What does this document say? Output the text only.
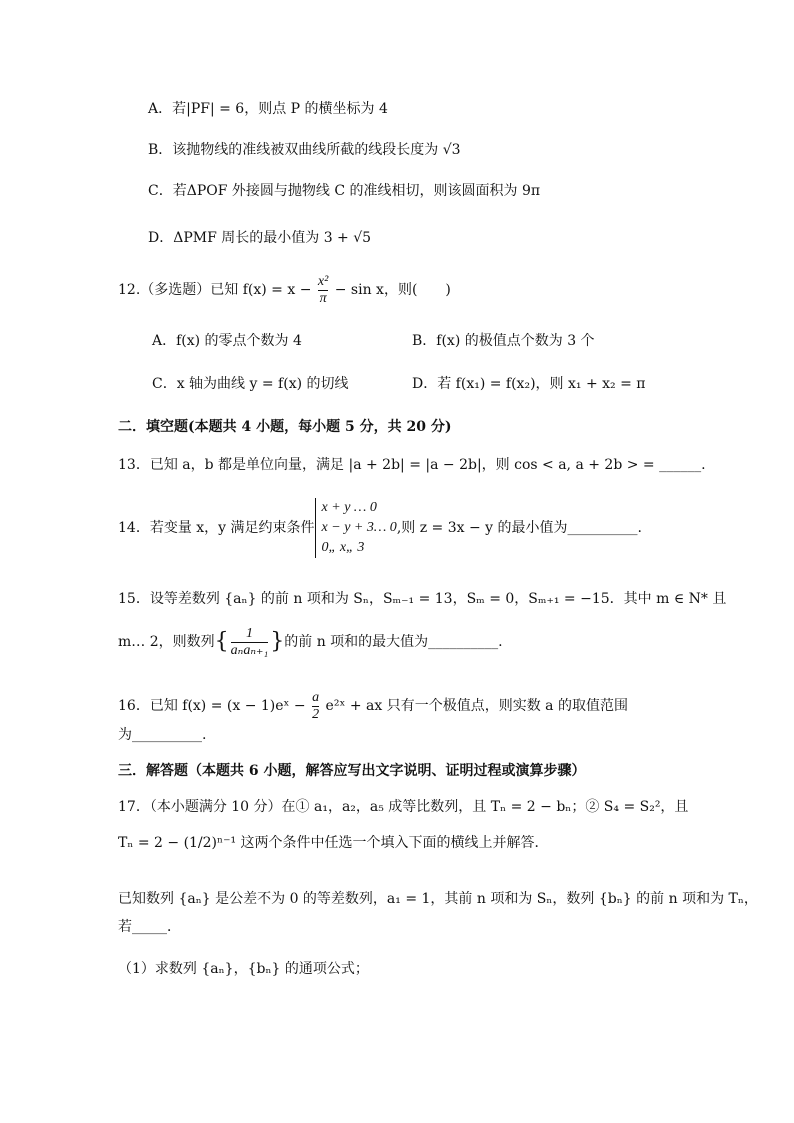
A．若|PF| = 6，则点 P 的横坐标为 4
B．该抛物线的准线被双曲线所截的线段长度为 √3
C．若ΔPOF 外接圆与抛物线 C 的准线相切，则该圆面积为 9π
D．ΔPMF 周长的最小值为 3 + √5
12.（多选题）已知 $f(x) = x - \frac{\text{x²}}{\pi} - \sin x$，则(　　)
A．f(x) 的零点个数为 4	B．f(x) 的极值点个数为 3 个
C．x 轴为曲线 y = f(x) 的切线	D．若 f(x₁) = f(x₂)，则 x₁ + x₂ = π
二．填空题(本题共 4 小题，每小题 5 分，共 20 分)
13．已知 a，b 都是单位向量，满足 |a + 2b| = |a − 2b|，则 cos < a, a + 2b > = ______.
14．若变量 x，y 满足约束条件x + y … 0
x − y + 3… 0
0„ x„ 3,则 z = 3x − y 的最小值为__________.
15．设等差数列 {aₙ} 的前 n 项和为 Sₙ，Sₘ₋₁ = 13，Sₘ = 0，Sₘ₊₁ = −15．其中 m ∈ N* 且
m… 2，则数列{ $\frac{1}{\text{aₙaₙ₊₁}}$ }的前 n 项和的最大值为__________.
16．已知 f(x) = (x − 1)eˣ − $\frac{a}{2}$ e²ˣ + ax 只有一个极值点，则实数 a 的取值范围
为__________.
三．解答题（本题共 6 小题，解答应写出文字说明、证明过程或演算步骤）
17．（本小题满分 10 分）在① a₁，a₂，a₅ 成等比数列，且 Tₙ = 2 − bₙ；② S₄ = S₂²，且
Tₙ = 2 − (1/2)ⁿ⁻¹ 这两个条件中任选一个填入下面的横线上并解答．
已知数列 {aₙ} 是公差不为 0 的等差数列，a₁ = 1，其前 n 项和为 Sₙ，数列 {bₙ} 的前 n 项和为 Tₙ，
若_____．
（1）求数列 {aₙ}，{bₙ} 的通项公式；
